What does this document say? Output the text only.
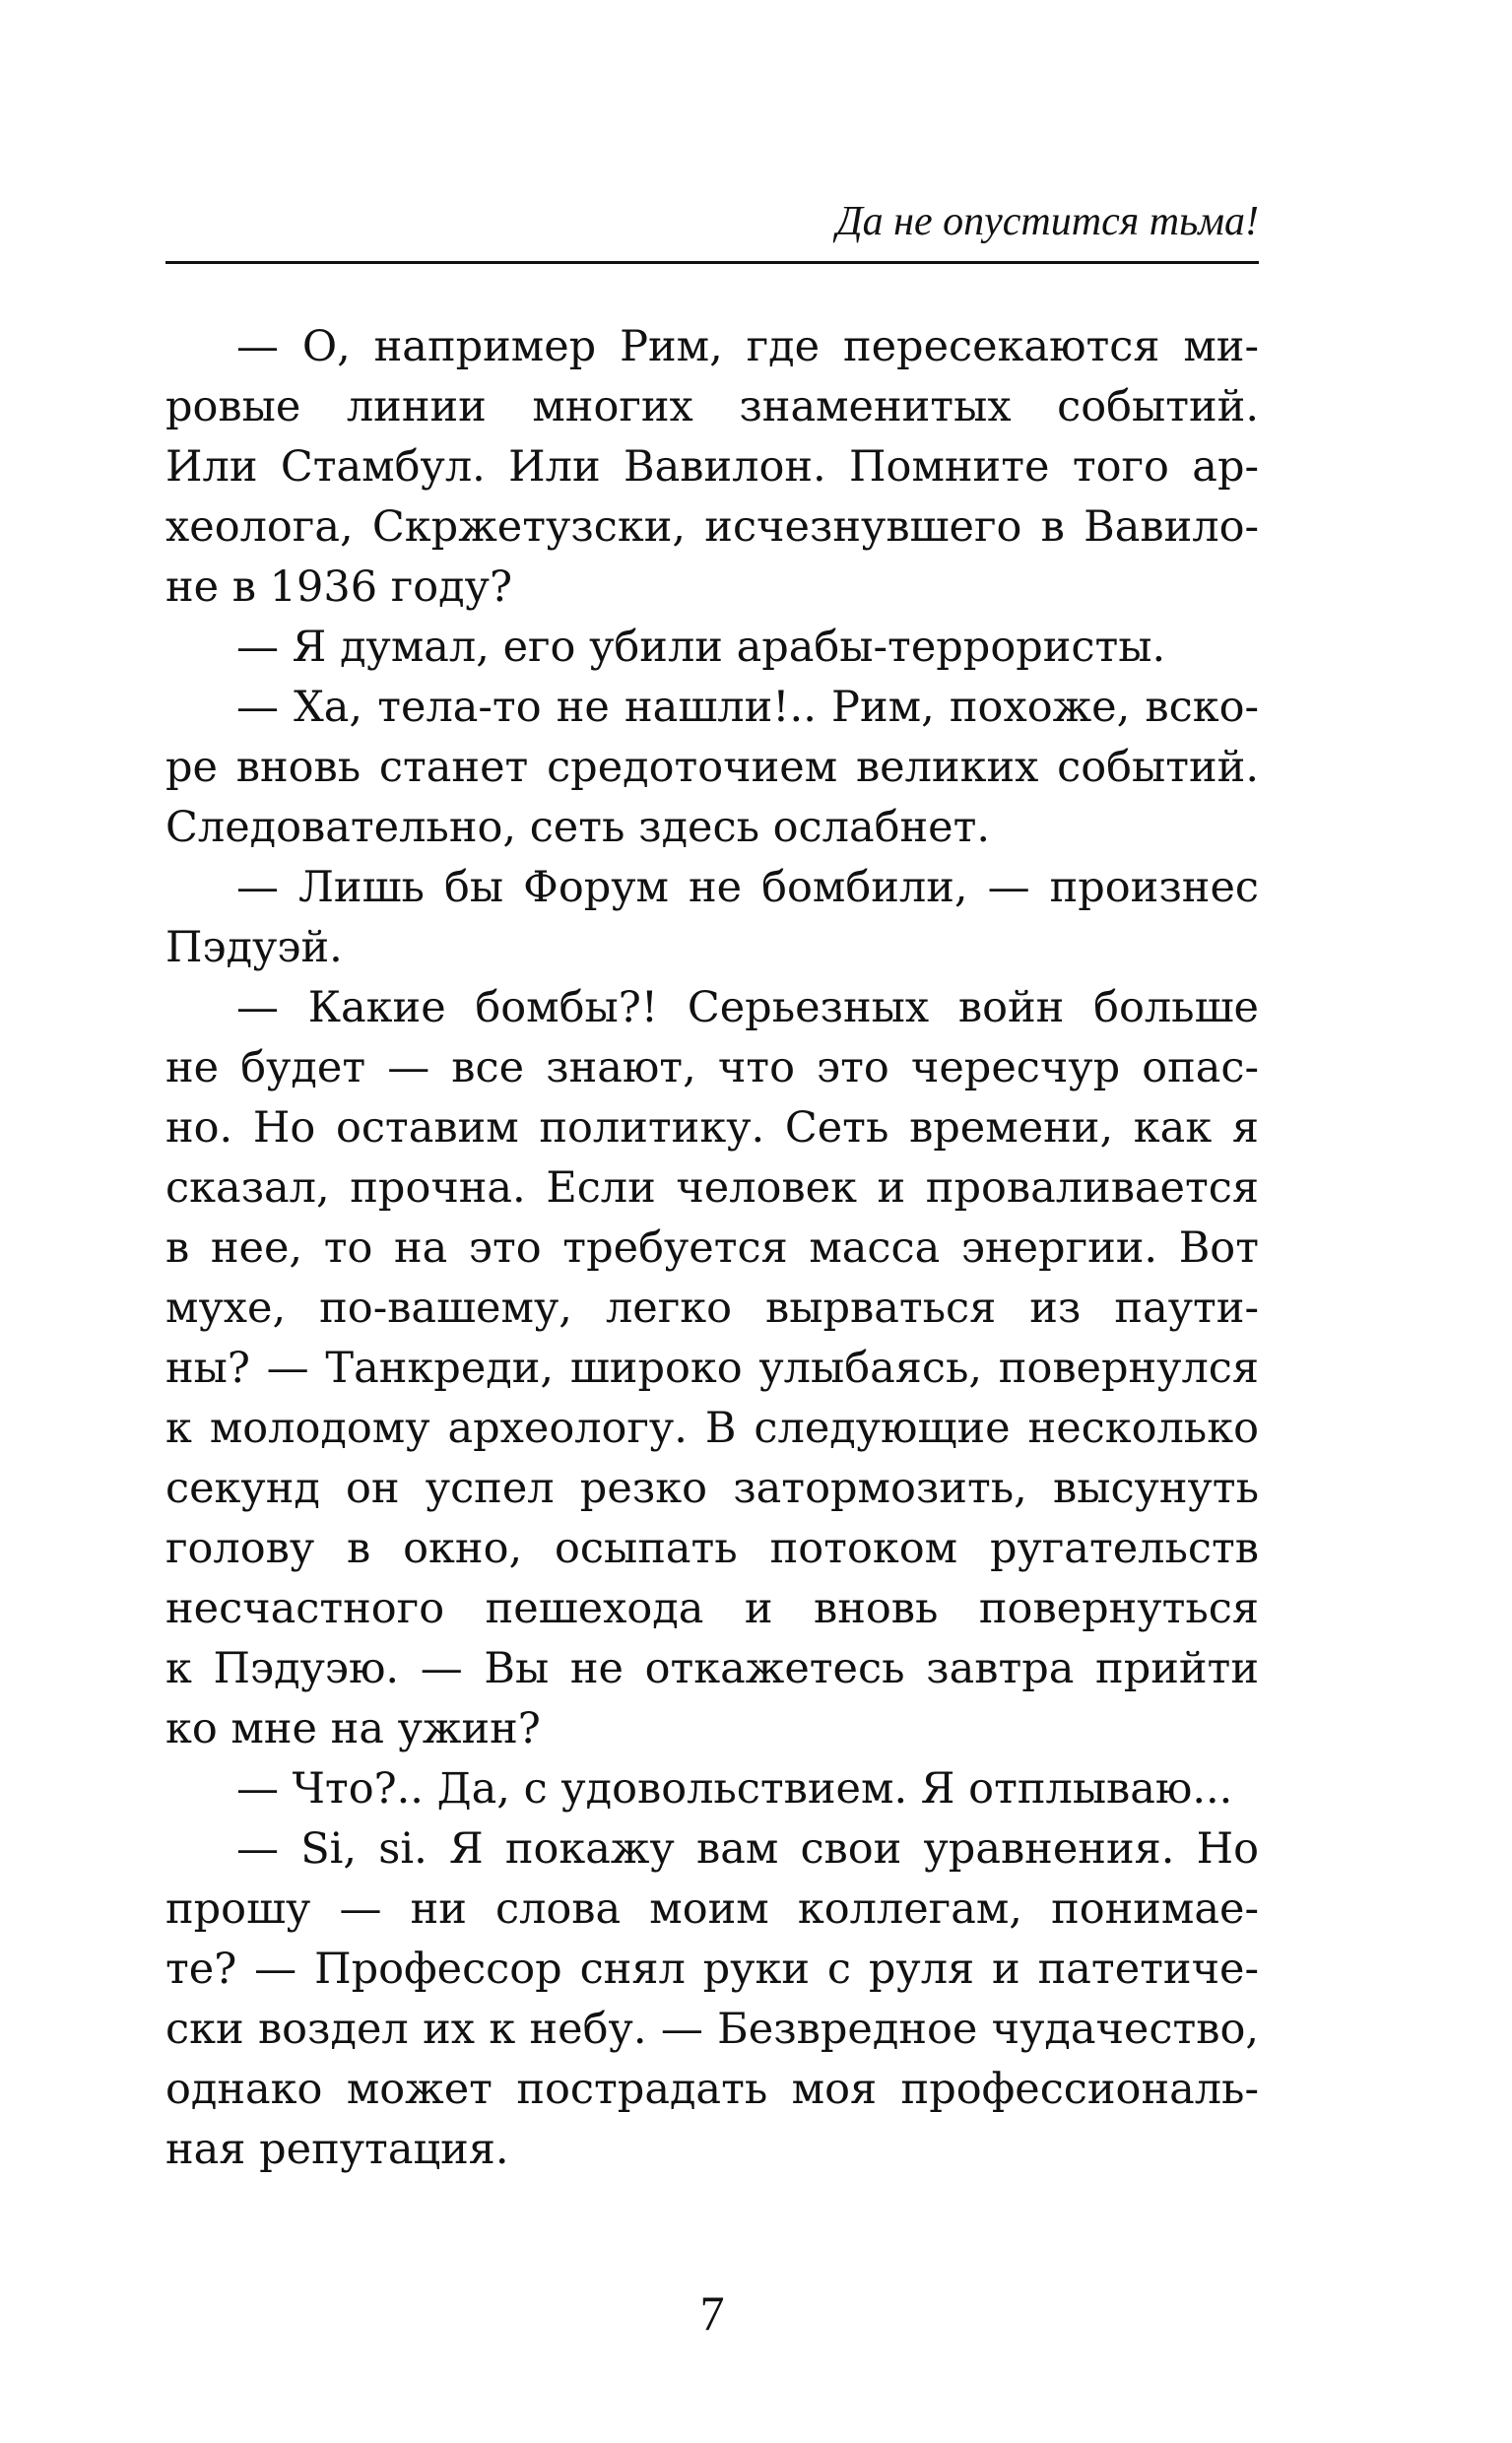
Да не опустится тьма!
— О, например Рим, где пересекаются ми-
ровые линии многих знаменитых событий.
Или Стамбул. Или Вавилон. Помните того ар-
хеолога, Скржетузски, исчезнувшего в Вавило-
не в 1936 году?
— Я думал, его убили арабы-террористы.
— Ха, тела-то не нашли!.. Рим, похоже, вско-
ре вновь станет средоточием великих событий.
Следовательно, сеть здесь ослабнет.
— Лишь бы Форум не бомбили, — произнес
Пэдуэй.
— Какие бомбы?! Серьезных войн больше
не будет — все знают, что это чересчур опас-
но. Но оставим политику. Сеть времени, как я
сказал, прочна. Если человек и проваливается
в нее, то на это требуется масса энергии. Вот
мухе, по-вашему, легко вырваться из паути-
ны? — Танкреди, широко улыбаясь, повернулся
к молодому археологу. В следующие несколько
секунд он успел резко затормозить, высунуть
голову в окно, осыпать потоком ругательств
несчастного пешехода и вновь повернуться
к Пэдуэю. — Вы не откажетесь завтра прийти
ко мне на ужин?
— Что?.. Да, с удовольствием. Я отплываю...
— Si, si. Я покажу вам свои уравнения. Но
прошу — ни слова моим коллегам, понимае-
те? — Профессор снял руки с руля и патетиче-
ски воздел их к небу. — Безвредное чудачество,
однако может пострадать моя профессиональ-
ная репутация.
7
